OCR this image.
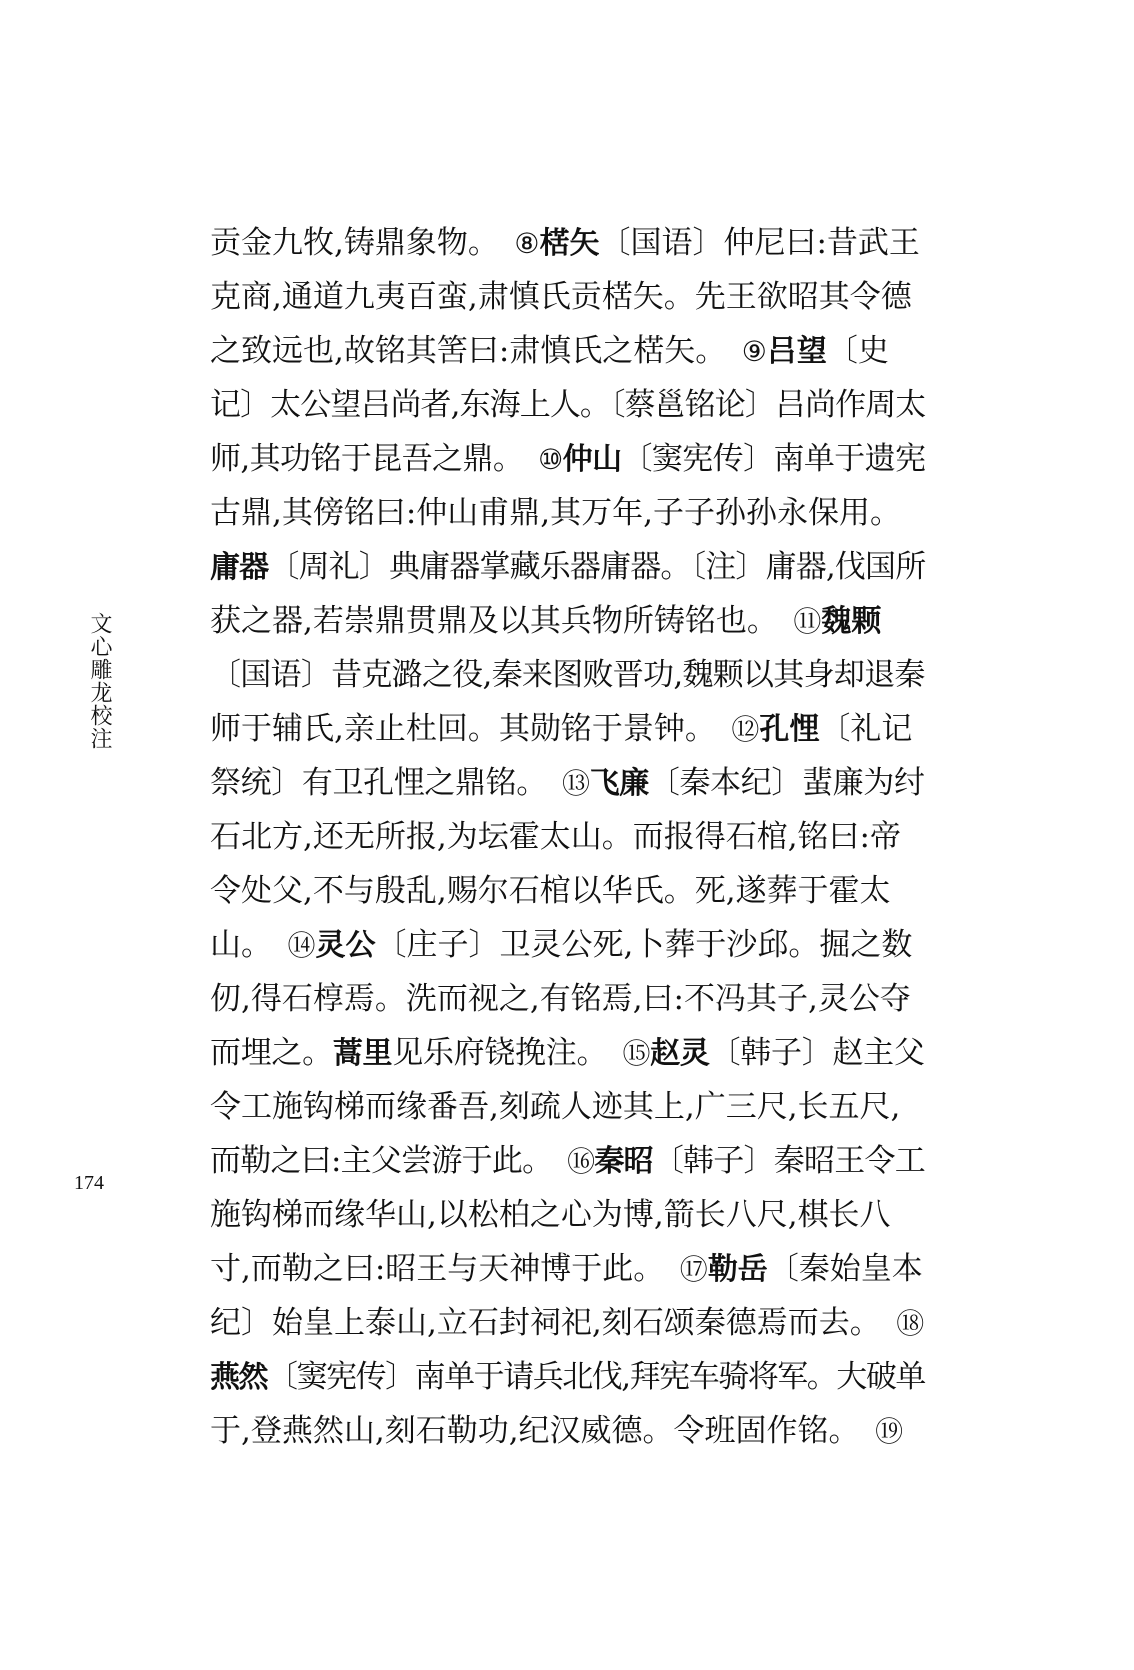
文心雕龙校注
174
贡金九牧,铸鼎象物。　⑧楛矢〔国语〕仲尼曰:昔武王
克商,通道九夷百蛮,肃慎氏贡楛矢。先王欲昭其令德
之致远也,故铭其筈曰:肃慎氏之楛矢。　⑨吕望〔史
记〕太公望吕尚者,东海上人。〔蔡邕铭论〕吕尚作周太
师,其功铭于昆吾之鼎。　⑩仲山〔窦宪传〕南单于遗宪
古鼎,其傍铭曰:仲山甫鼎,其万年,子子孙孙永保用。
庸器〔周礼〕典庸器掌藏乐器庸器。〔注〕庸器,伐国所
获之器,若崇鼎贯鼎及以其兵物所铸铭也。　⑪魏颗
〔国语〕昔克潞之役,秦来图败晋功,魏颗以其身却退秦
师于辅氏,亲止杜回。其勋铭于景钟。　⑫孔悝〔礼记
祭统〕有卫孔悝之鼎铭。　⑬飞廉〔秦本纪〕蜚廉为纣
石北方,还无所报,为坛霍太山。而报得石棺,铭曰:帝
令处父,不与殷乱,赐尔石棺以华氏。死,遂葬于霍太
山。　⑭灵公〔庄子〕卫灵公死,卜葬于沙邱。掘之数
仞,得石椁焉。洗而视之,有铭焉,曰:不冯其子,灵公夺
而埋之。蒿里见乐府铙挽注。　⑮赵灵〔韩子〕赵主父
令工施钩梯而缘番吾,刻疏人迹其上,广三尺,长五尺,
而勒之曰:主父尝游于此。　⑯秦昭〔韩子〕秦昭王令工
施钩梯而缘华山,以松柏之心为博,箭长八尺,棋长八
寸,而勒之曰:昭王与天神博于此。　⑰勒岳〔秦始皇本
纪〕始皇上泰山,立石封祠祀,刻石颂秦德焉而去。　⑱
燕然〔窦宪传〕南单于请兵北伐,拜宪车骑将军。大破单
于,登燕然山,刻石勒功,纪汉威德。令班固作铭。　⑲
